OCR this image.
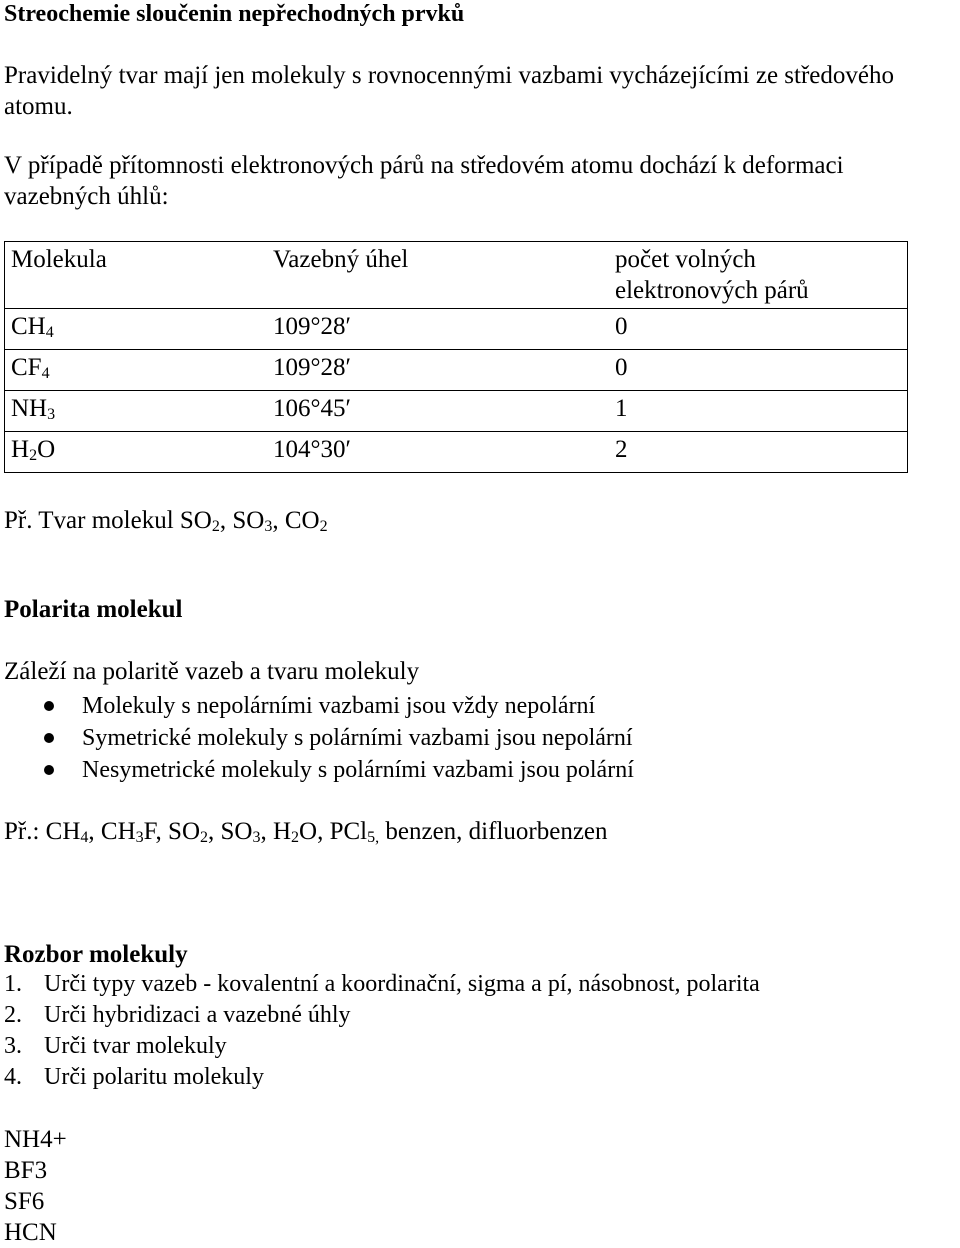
Streochemie sloučenin nepřechodných prvků
Pravidelný tvar mají jen molekuly s rovnocennými vazbami vycházejícími ze středového
atomu.
V případě přítomnosti elektronových párů na středovém atomu dochází k deformaci
vazebných úhlů:
Molekula	Vazebný úhel	počet volných
elektronových párů

$CH_4$	109°28′	0
$CF_4$	109°28′	0
$NH_3$	106°45′	1
$H_2O$	104°30′	2
Př. Tvar molekul $SO_2$, $SO_3$, $CO_2$
Polarita molekul
Záleží na polaritě vazeb a tvaru molekuly
Molekuly s nepolárními vazbami jsou vždy nepolární
Symetrické molekuly s polárními vazbami jsou nepolární
Nesymetrické molekuly s polárními vazbami jsou polární
Př.: $CH_4$, $CH_3F$, $SO_2$, $SO_3$, $H_2O$, PCl$_{5,}$ benzen, difluorbenzen
Rozbor molekuly
1. Urči typy vazeb - kovalentní a koordinační, sigma a pí, násobnost, polarita
2. Urči hybridizaci a vazebné úhly
3. Urči tvar molekuly
4. Urči polaritu molekuly
NH4+
BF3
SF6
HCN
